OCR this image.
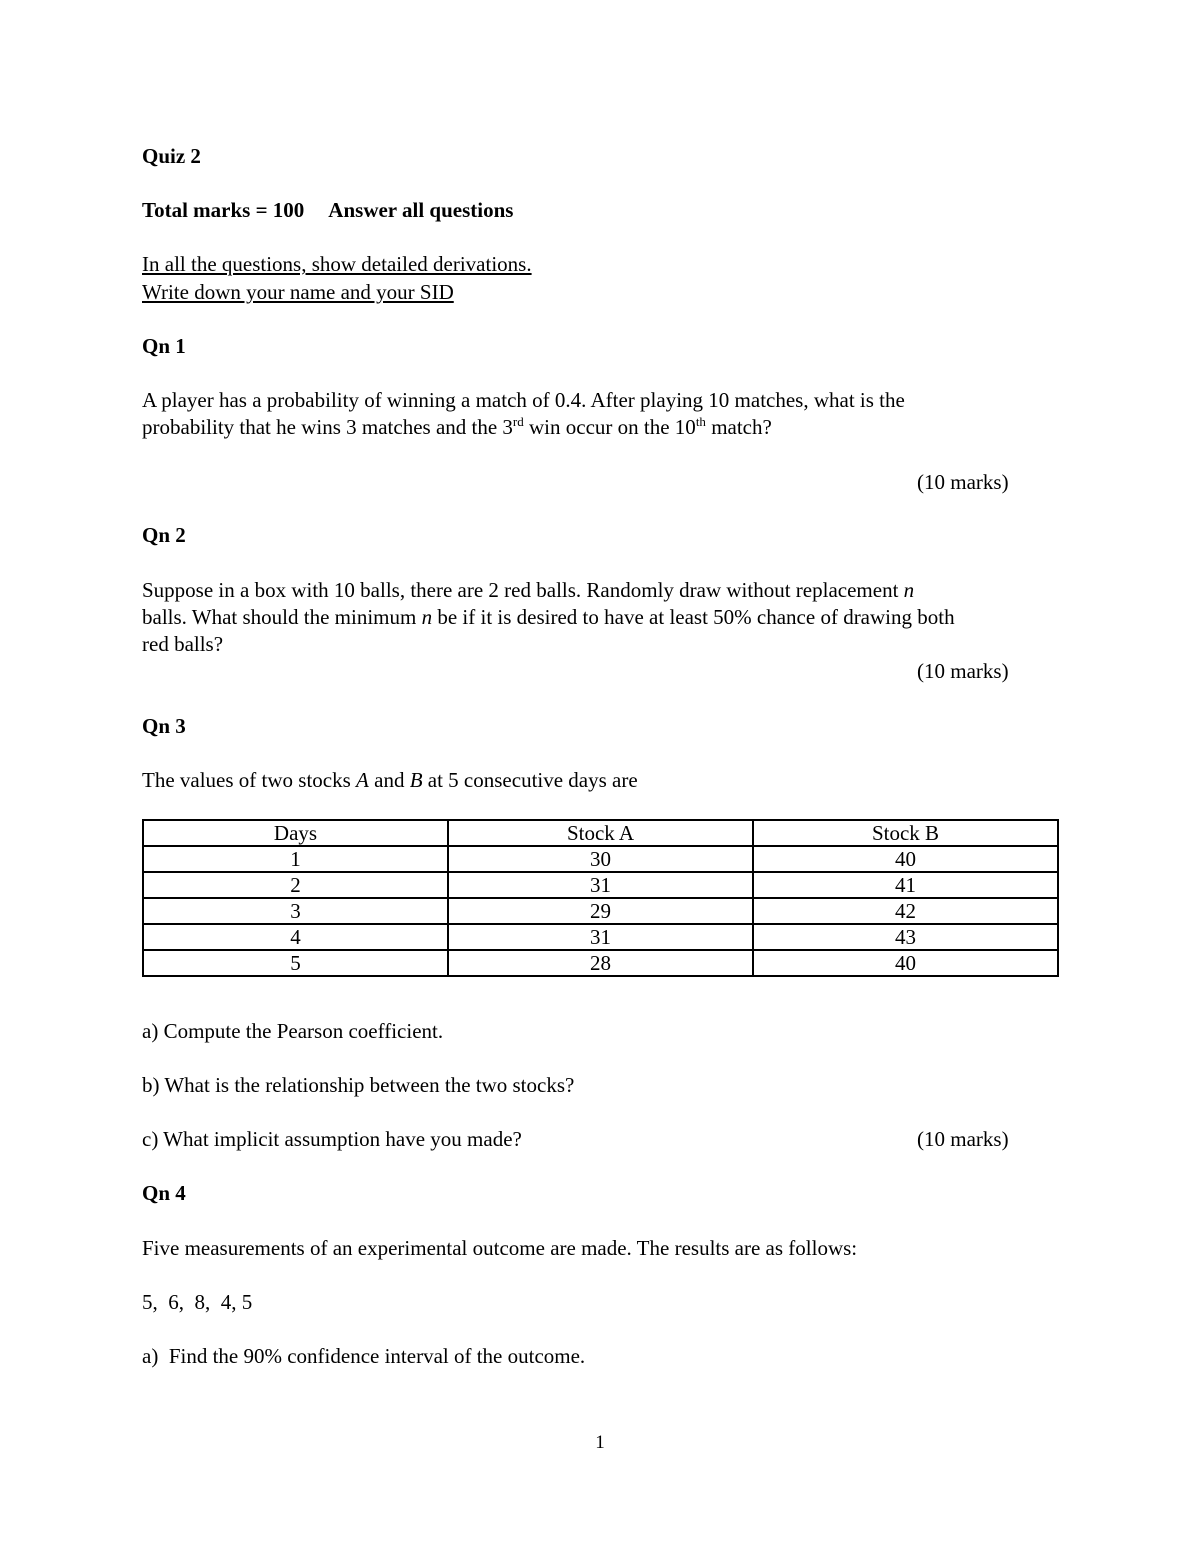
Quiz 2
Total marks = 100 Answer all questions
In all the questions, show detailed derivations.
Write down your name and your SID
Qn 1
A player has a probability of winning a match of 0.4. After playing 10 matches, what is the
probability that he wins 3 matches and the 3rd win occur on the 10th match?
(10 marks)
Qn 2
Suppose in a box with 10 balls, there are 2 red balls. Randomly draw without replacement n
balls. What should the minimum n be if it is desired to have at least 50% chance of drawing both
red balls?
(10 marks)
Qn 3
The values of two stocks A and B at 5 consecutive days are
Days	Stock A	Stock B
1	30	40
2	31	41
3	29	42
4	31	43
5	28	40
a) Compute the Pearson coefficient.
b) What is the relationship between the two stocks?
c) What implicit assumption have you made?	(10 marks)
Qn 4
Five measurements of an experimental outcome are made. The results are as follows:
5,  6,  8,  4, 5
a)  Find the 90% confidence interval of the outcome.
1
